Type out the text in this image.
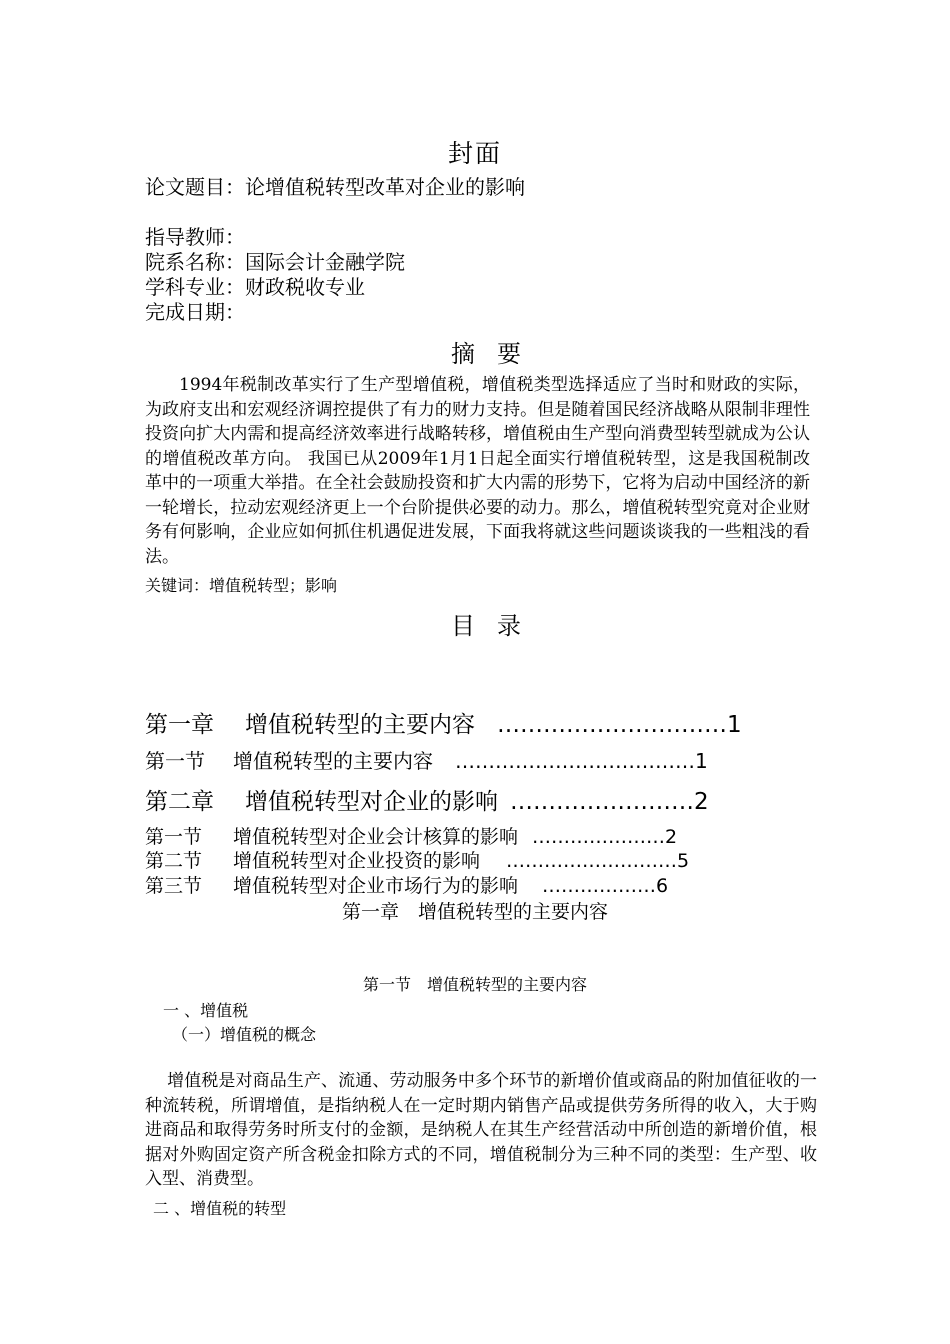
封面
论文题目：论增值税转型改革对企业的影响
指导教师：
院系名称：国际会计金融学院
学科专业：财政税收专业
完成日期：
摘要

1994年税制改革实行了生产型增值税，增值税类型选择适应了当时和财政的实际，为政府支出和宏观经济调控提供了有力的财力支持。但是随着国民经济战略从限制非理性投资向扩大内需和提高经济效率进行战略转移，增值税由生产型向消费型转型就成为公认的增值税改革方向。 我国已从2009年1月1日起全面实行增值税转型，这是我国税制改革中的一项重大举措。在全社会鼓励投资和扩大内需的形势下，它将为启动中国经济的新一轮增长，拉动宏观经济更上一个台阶提供必要的动力。那么，增值税转型究竟对企业财务有何影响，企业应如何抓住机遇促进发展，下面我将就这些问题谈谈我的一些粗浅的看法。

关键词：增值税转型；影响
目录
第一章	增值税转型的主要内容 ………………………… 1
第一节	增值税转型的主要内容 ……………………………… 1
第二章	增值税转型对企业的影响 …………………… 2
第一节	增值税转型对企业会计核算的影响 ………………… 2
第二节	增值税转型对企业投资的影响 ……………………… 5
第三节	增值税转型对企业市场行为的影响 ……………… 6
第一章　增值税转型的主要内容
第一节　增值税转型的主要内容
一 、增值税
（一）增值税的概念

增值税是对商品生产、流通、劳动服务中多个环节的新增价值或商品的附加值征收的一种流转税，所谓增值，是指纳税人在一定时期内销售产品或提供劳务所得的收入，大于购进商品和取得劳务时所支付的金额，是纳税人在其生产经营活动中所创造的新增价值，根据对外购固定资产所含税金扣除方式的不同，增值税制分为三种不同的类型：生产型、收入型、消费型。

二 、增值税的转型
